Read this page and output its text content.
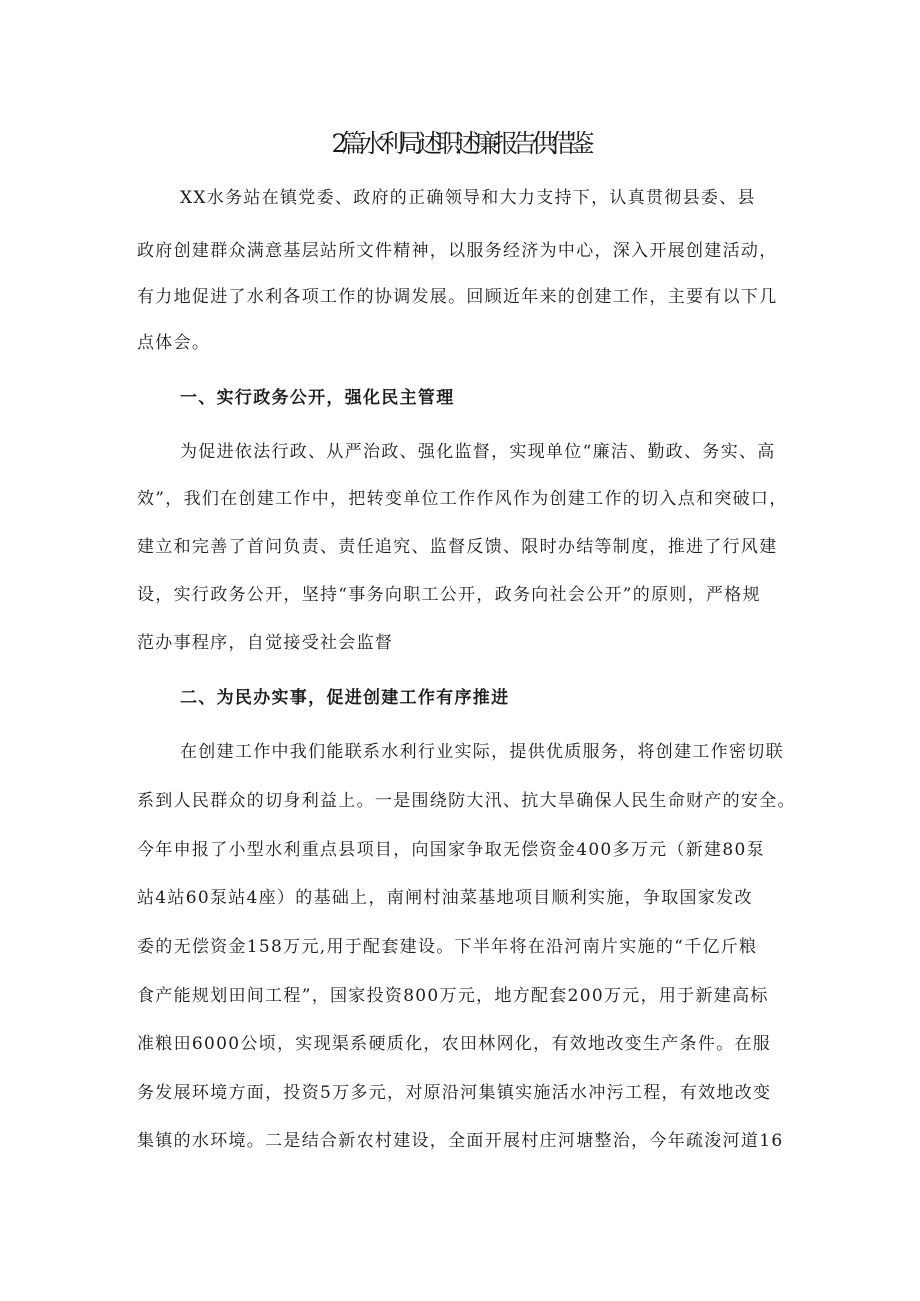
2篇水利局述职述廉报告供借鉴
XX水务站在镇党委、政府的正确领导和大力支持下，认真贯彻县委、县
政府创建群众满意基层站所文件精神，以服务经济为中心，深入开展创建活动，
有力地促进了水利各项工作的协调发展。回顾近年来的创建工作，主要有以下几
点体会。
一、实行政务公开，强化民主管理
为促进依法行政、从严治政、强化监督，实现单位“廉洁、勤政、务实、高
效”，我们在创建工作中，把转变单位工作作风作为创建工作的切入点和突破口，
建立和完善了首问负责、责任追究、监督反馈、限时办结等制度，推进了行风建
设，实行政务公开，坚持“事务向职工公开，政务向社会公开”的原则，严格规
范办事程序，自觉接受社会监督
二、为民办实事，促进创建工作有序推进
在创建工作中我们能联系水利行业实际，提供优质服务，将创建工作密切联
系到人民群众的切身利益上。一是围绕防大汛、抗大旱确保人民生命财产的安全。
今年申报了小型水利重点县项目，向国家争取无偿资金400多万元（新建80泵
站4站60泵站4座）的基础上，南闸村油菜基地项目顺利实施，争取国家发改
委的无偿资金158万元,用于配套建设。下半年将在沿河南片实施的“千亿斤粮
食产能规划田间工程”，国家投资800万元，地方配套200万元，用于新建高标
准粮田6000公顷，实现渠系硬质化，农田林网化，有效地改变生产条件。在服
务发展环境方面，投资5万多元，对原沿河集镇实施活水冲污工程，有效地改变
集镇的水环境。二是结合新农村建设，全面开展村庄河塘整治，今年疏浚河道16
